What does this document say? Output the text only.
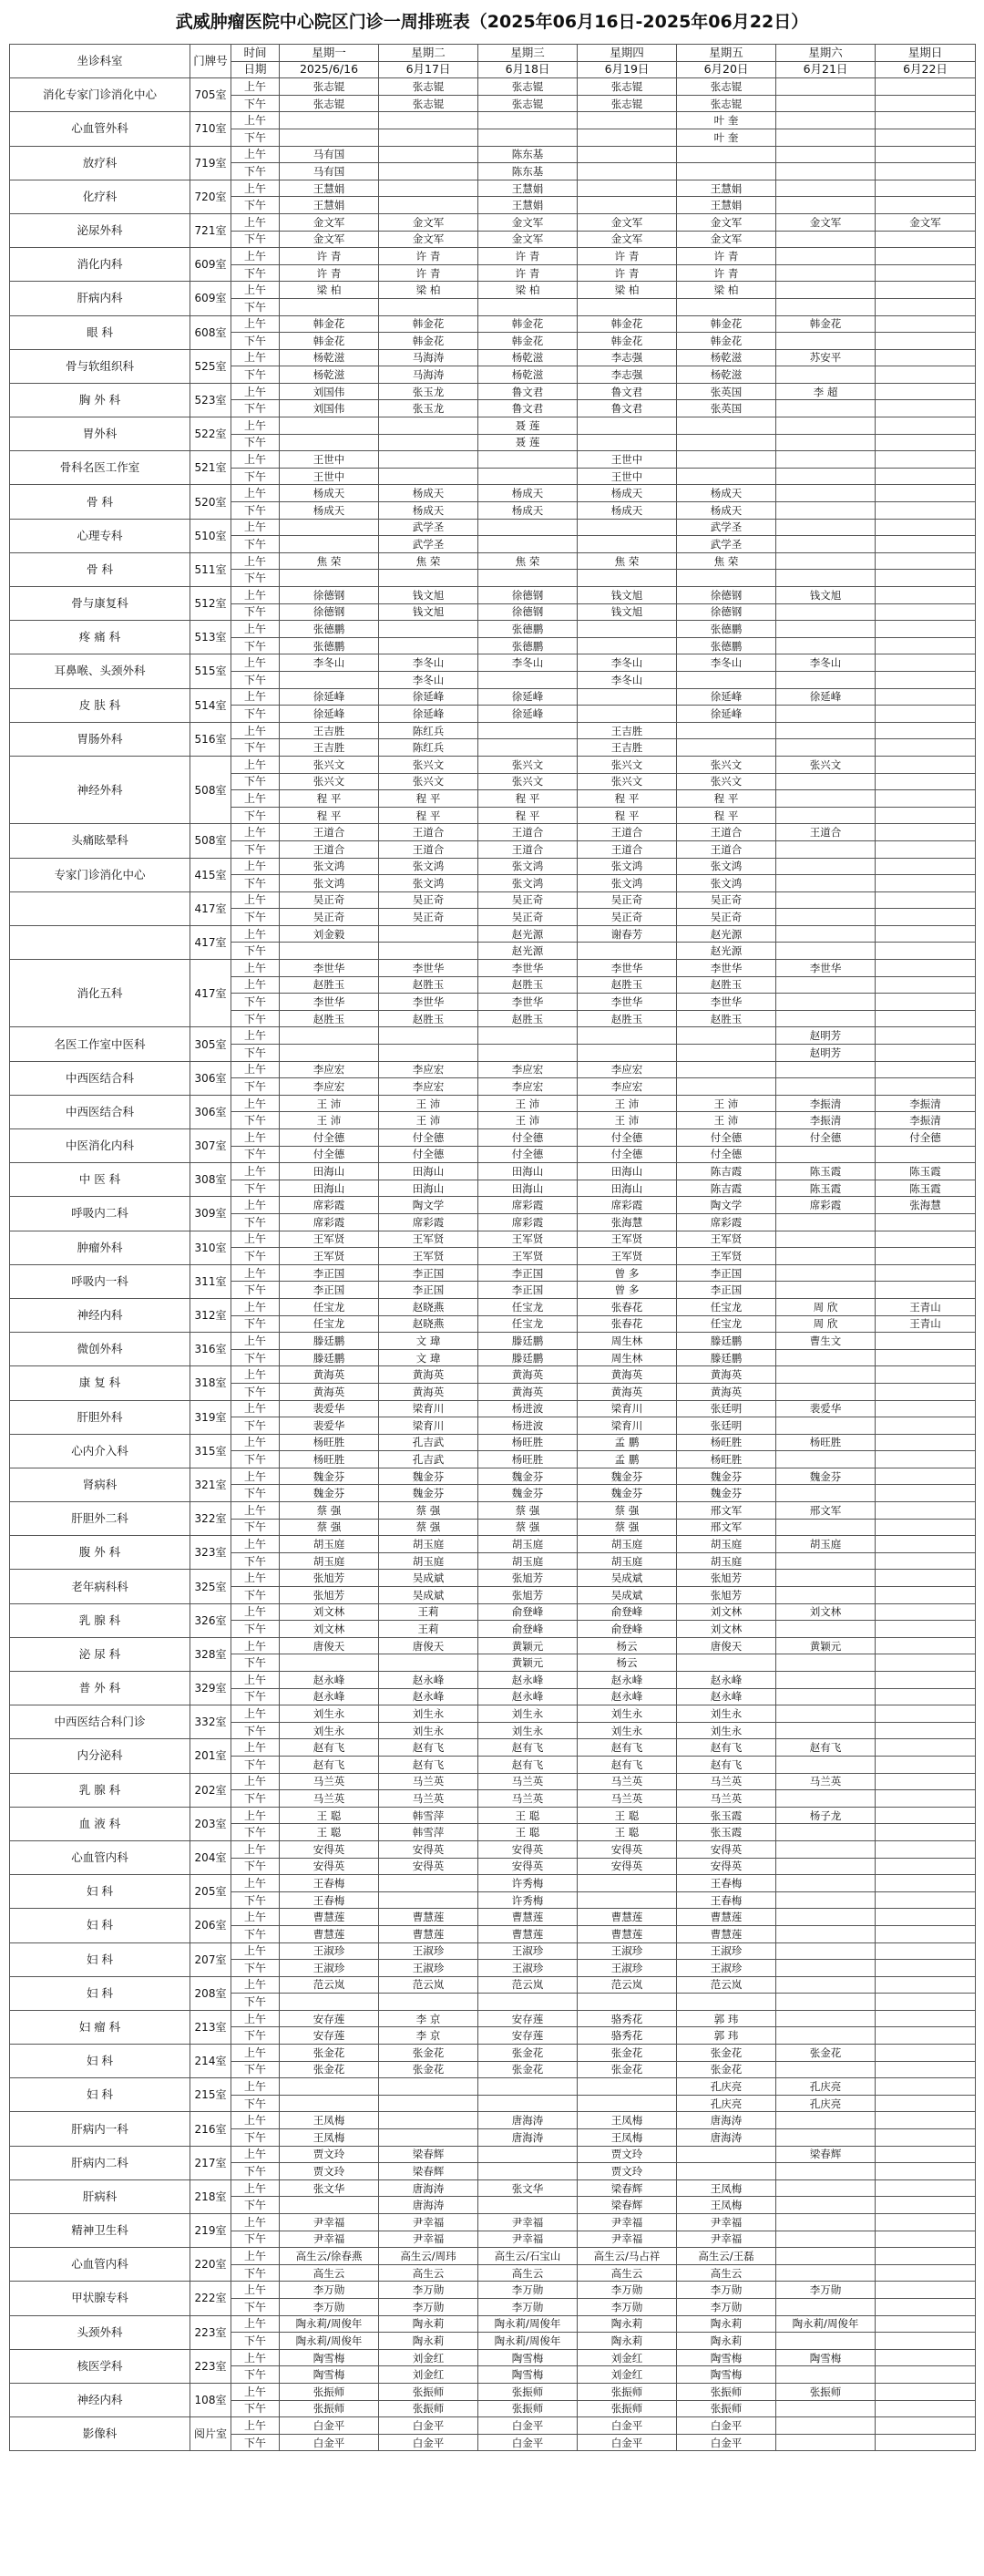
武威肿瘤医院中心院区门诊一周排班表（2025年06月16日-2025年06月22日）
坐诊科室	门牌号	时间	星期一	星期二	星期三	星期四	星期五	星期六	星期日
		日期	2025/6/16	6月17日	6月18日	6月19日	6月20日	6月21日	6月22日
消化专家门诊消化中心	705室	上午	张志锟	张志锟	张志锟	张志锟	张志锟		
		下午	张志锟	张志锟	张志锟	张志锟	张志锟		
心血管外科	710室	上午					叶 奎		
		下午					叶 奎		
放疗科	719室	上午	马有国		陈东基				
		下午	马有国		陈东基				
化疗科	720室	上午	王慧娟		王慧娟		王慧娟		
		下午	王慧娟		王慧娟		王慧娟		
泌尿外科	721室	上午	金文军	金文军	金文军	金文军	金文军	金文军	金文军
		下午	金文军	金文军	金文军	金文军	金文军		
消化内科	609室	上午	许 青	许 青	许 青	许 青	许 青		
		下午	许 青	许 青	许 青	许 青	许 青		
肝病内科	609室	上午	梁 柏	梁 柏	梁 柏	梁 柏	梁 柏		
		下午							
眼 科	608室	上午	韩金花	韩金花	韩金花	韩金花	韩金花	韩金花	
		下午	韩金花	韩金花	韩金花	韩金花	韩金花		
骨与软组织科	525室	上午	杨乾滋	马海涛	杨乾滋	李志强	杨乾滋	苏安平	
		下午	杨乾滋	马海涛	杨乾滋	李志强	杨乾滋		
胸 外 科	523室	上午	刘国伟	张玉龙	鲁文君	鲁文君	张英国	李 超	
		下午	刘国伟	张玉龙	鲁文君	鲁文君	张英国		
胃外科	522室	上午			聂 莲				
		下午			聂 莲				
骨科名医工作室	521室	上午	王世中			王世中			
		下午	王世中			王世中			
骨 科	520室	上午	杨成天	杨成天	杨成天	杨成天	杨成天		
		下午	杨成天	杨成天	杨成天	杨成天	杨成天		
心理专科	510室	上午		武学圣			武学圣		
		下午		武学圣			武学圣		
骨 科	511室	上午	焦 荣	焦 荣	焦 荣	焦 荣	焦 荣		
		下午							
骨与康复科	512室	上午	徐德钢	钱文旭	徐德钢	钱文旭	徐德钢	钱文旭	
		下午	徐德钢	钱文旭	徐德钢	钱文旭	徐德钢		
疼 痛 科	513室	上午	张德鹏		张德鹏		张德鹏		
		下午	张德鹏		张德鹏		张德鹏		
耳鼻喉、头颈外科	515室	上午	李冬山	李冬山	李冬山	李冬山	李冬山	李冬山	
		下午		李冬山		李冬山			
皮 肤 科	514室	上午	徐延峰	徐延峰	徐延峰		徐延峰	徐延峰	
		下午	徐延峰	徐延峰	徐延峰		徐延峰		
胃肠外科	516室	上午	王吉胜	陈红兵		王吉胜			
		下午	王吉胜	陈红兵		王吉胜			
神经外科	508室	上午	张兴文	张兴文	张兴文	张兴文	张兴文	张兴文	
		下午	张兴文	张兴文	张兴文	张兴文	张兴文		
		上午	程 平	程 平	程 平	程 平	程 平		
		下午	程 平	程 平	程 平	程 平	程 平		
头痛眩晕科	508室	上午	王道合	王道合	王道合	王道合	王道合	王道合	
		下午	王道合	王道合	王道合	王道合	王道合		
专家门诊消化中心	415室	上午	张文鸿	张文鸿	张文鸿	张文鸿	张文鸿		
		下午	张文鸿	张文鸿	张文鸿	张文鸿	张文鸿		
	417室	上午	吴正奇	吴正奇	吴正奇	吴正奇	吴正奇		
		下午	吴正奇	吴正奇	吴正奇	吴正奇	吴正奇		
	417室	上午	刘金毅		赵光源	谢春芳	赵光源		
		下午			赵光源		赵光源		
消化五科	417室	上午	李世华	李世华	李世华	李世华	李世华	李世华	
		上午	赵胜玉	赵胜玉	赵胜玉	赵胜玉	赵胜玉		
		下午	李世华	李世华	李世华	李世华	李世华		
		下午	赵胜玉	赵胜玉	赵胜玉	赵胜玉	赵胜玉		
名医工作室中医科	305室	上午						赵明芳	
		下午						赵明芳	
中西医结合科	306室	上午	李应宏	李应宏	李应宏	李应宏			
		下午	李应宏	李应宏	李应宏	李应宏			
中西医结合科	306室	上午	王 沛	王 沛	王 沛	王 沛	王 沛	李振清	李振清
		下午	王 沛	王 沛	王 沛	王 沛	王 沛	李振清	李振清
中医消化内科	307室	上午	付全德	付全德	付全德	付全德	付全德	付全德	付全德
		下午	付全德	付全德	付全德	付全德	付全德		
中 医 科	308室	上午	田海山	田海山	田海山	田海山	陈吉霞	陈玉霞	陈玉霞
		下午	田海山	田海山	田海山	田海山	陈吉霞	陈玉霞	陈玉霞
呼吸内二科	309室	上午	席彩霞	陶文学	席彩霞	席彩霞	陶文学	席彩霞	张海慧
		下午	席彩霞	席彩霞	席彩霞	张海慧	席彩霞		
肿瘤外科	310室	上午	王军贤	王军贤	王军贤	王军贤	王军贤		
		下午	王军贤	王军贤	王军贤	王军贤	王军贤		
呼吸内一科	311室	上午	李正国	李正国	李正国	曾 多	李正国		
		下午	李正国	李正国	李正国	曾 多	李正国		
神经内科	312室	上午	任宝龙	赵晓燕	任宝龙	张春花	任宝龙	周 欣	王青山
		下午	任宝龙	赵晓燕	任宝龙	张春花	任宝龙	周 欣	王青山
微创外科	316室	上午	滕廷鹏	文 瑋	滕廷鹏	周生林	滕廷鹏	曹生文	
		下午	滕廷鹏	文 瑋	滕廷鹏	周生林	滕廷鹏		
康 复 科	318室	上午	黄海英	黄海英	黄海英	黄海英	黄海英		
		下午	黄海英	黄海英	黄海英	黄海英	黄海英		
肝胆外科	319室	上午	裴爱华	梁育川	杨进波	梁育川	张廷明	裴爱华	
		下午	裴爱华	梁育川	杨进波	梁育川	张廷明		
心内介入科	315室	上午	杨旺胜	孔吉武	杨旺胜	孟 鹏	杨旺胜	杨旺胜	
		下午	杨旺胜	孔吉武	杨旺胜	孟 鹏	杨旺胜		
肾病科	321室	上午	魏金芬	魏金芬	魏金芬	魏金芬	魏金芬	魏金芬	
		下午	魏金芬	魏金芬	魏金芬	魏金芬	魏金芬		
肝胆外二科	322室	上午	蔡 强	蔡 强	蔡 强	蔡 强	邢文军	邢文军	
		下午	蔡 强	蔡 强	蔡 强	蔡 强	邢文军		
腹 外 科	323室	上午	胡玉庭	胡玉庭	胡玉庭	胡玉庭	胡玉庭	胡玉庭	
		下午	胡玉庭	胡玉庭	胡玉庭	胡玉庭	胡玉庭		
老年病科科	325室	上午	张旭芳	吴成斌	张旭芳	吴成斌	张旭芳		
		下午	张旭芳	吴成斌	张旭芳	吴成斌	张旭芳		
乳 腺 科	326室	上午	刘文林	王莉	俞登峰	俞登峰	刘文林	刘文林	
		下午	刘文林	王莉	俞登峰	俞登峰	刘文林		
泌 尿 科	328室	上午	唐俊天	唐俊天	黄颖元	杨云	唐俊天	黄颖元	
		下午			黄颖元	杨云			
普 外 科	329室	上午	赵永峰	赵永峰	赵永峰	赵永峰	赵永峰		
		下午	赵永峰	赵永峰	赵永峰	赵永峰	赵永峰		
中西医结合科门诊	332室	上午	刘生永	刘生永	刘生永	刘生永	刘生永		
		下午	刘生永	刘生永	刘生永	刘生永	刘生永		
内分泌科	201室	上午	赵有飞	赵有飞	赵有飞	赵有飞	赵有飞	赵有飞	
		下午	赵有飞	赵有飞	赵有飞	赵有飞	赵有飞		
乳 腺 科	202室	上午	马兰英	马兰英	马兰英	马兰英	马兰英	马兰英	
		下午	马兰英	马兰英	马兰英	马兰英	马兰英		
血 液 科	203室	上午	王 聪	韩雪萍	王 聪	王 聪	张玉霞	杨子龙	
		下午	王 聪	韩雪萍	王 聪	王 聪	张玉霞		
心血管内科	204室	上午	安得英	安得英	安得英	安得英	安得英		
		下午	安得英	安得英	安得英	安得英	安得英		
妇 科	205室	上午	王春梅		许秀梅		王春梅		
		下午	王春梅		许秀梅		王春梅		
妇 科	206室	上午	曹慧莲	曹慧莲	曹慧莲	曹慧莲	曹慧莲		
		下午	曹慧莲	曹慧莲	曹慧莲	曹慧莲	曹慧莲		
妇 科	207室	上午	王淑珍	王淑珍	王淑珍	王淑珍	王淑珍		
		下午	王淑珍	王淑珍	王淑珍	王淑珍	王淑珍		
妇 科	208室	上午	范云岚	范云岚	范云岚	范云岚	范云岚		
		下午							
妇 瘤 科	213室	上午	安存莲	李 京	安存莲	骆秀花	郭 玮		
		下午	安存莲	李 京	安存莲	骆秀花	郭 玮		
妇 科	214室	上午	张金花	张金花	张金花	张金花	张金花	张金花	
		下午	张金花	张金花	张金花	张金花	张金花		
妇 科	215室	上午					孔庆亮	孔庆亮	
		下午					孔庆亮	孔庆亮	
肝病内一科	216室	上午	王凤梅		唐海涛	王凤梅	唐海涛		
		下午	王凤梅		唐海涛	王凤梅	唐海涛		
肝病内二科	217室	上午	贾文玲	梁春辉		贾文玲		梁春辉	
		下午	贾文玲	梁春辉		贾文玲			
肝病科	218室	上午	张文华	唐海涛	张文华	梁春辉	王凤梅		
		下午		唐海涛		梁春辉	王凤梅		
精神卫生科	219室	上午	尹幸福	尹幸福	尹幸福	尹幸福	尹幸福		
		下午	尹幸福	尹幸福	尹幸福	尹幸福	尹幸福		
心血管内科	220室	上午	高生云/徐春燕	高生云/周玮	高生云/石宝山	高生云/马占祥	高生云/王磊		
		下午	高生云	高生云	高生云	高生云	高生云		
甲状腺专科	222室	上午	李万勋	李万勋	李万勋	李万勋	李万勋	李万勋	
		下午	李万勋	李万勋	李万勋	李万勋	李万勋		
头颈外科	223室	上午	陶永莉/周俊年	陶永莉	陶永莉/周俊年	陶永莉	陶永莉	陶永莉/周俊年	
		下午	陶永莉/周俊年	陶永莉	陶永莉/周俊年	陶永莉	陶永莉		
核医学科	223室	上午	陶雪梅	刘金红	陶雪梅	刘金红	陶雪梅	陶雪梅	
		下午	陶雪梅	刘金红	陶雪梅	刘金红	陶雪梅		
神经内科	108室	上午	张振师	张振师	张振师	张振师	张振师	张振师	
		下午	张振师	张振师	张振师	张振师	张振师		
影像科	阅片室	上午	白金平	白金平	白金平	白金平	白金平		
		下午	白金平	白金平	白金平	白金平	白金平		
